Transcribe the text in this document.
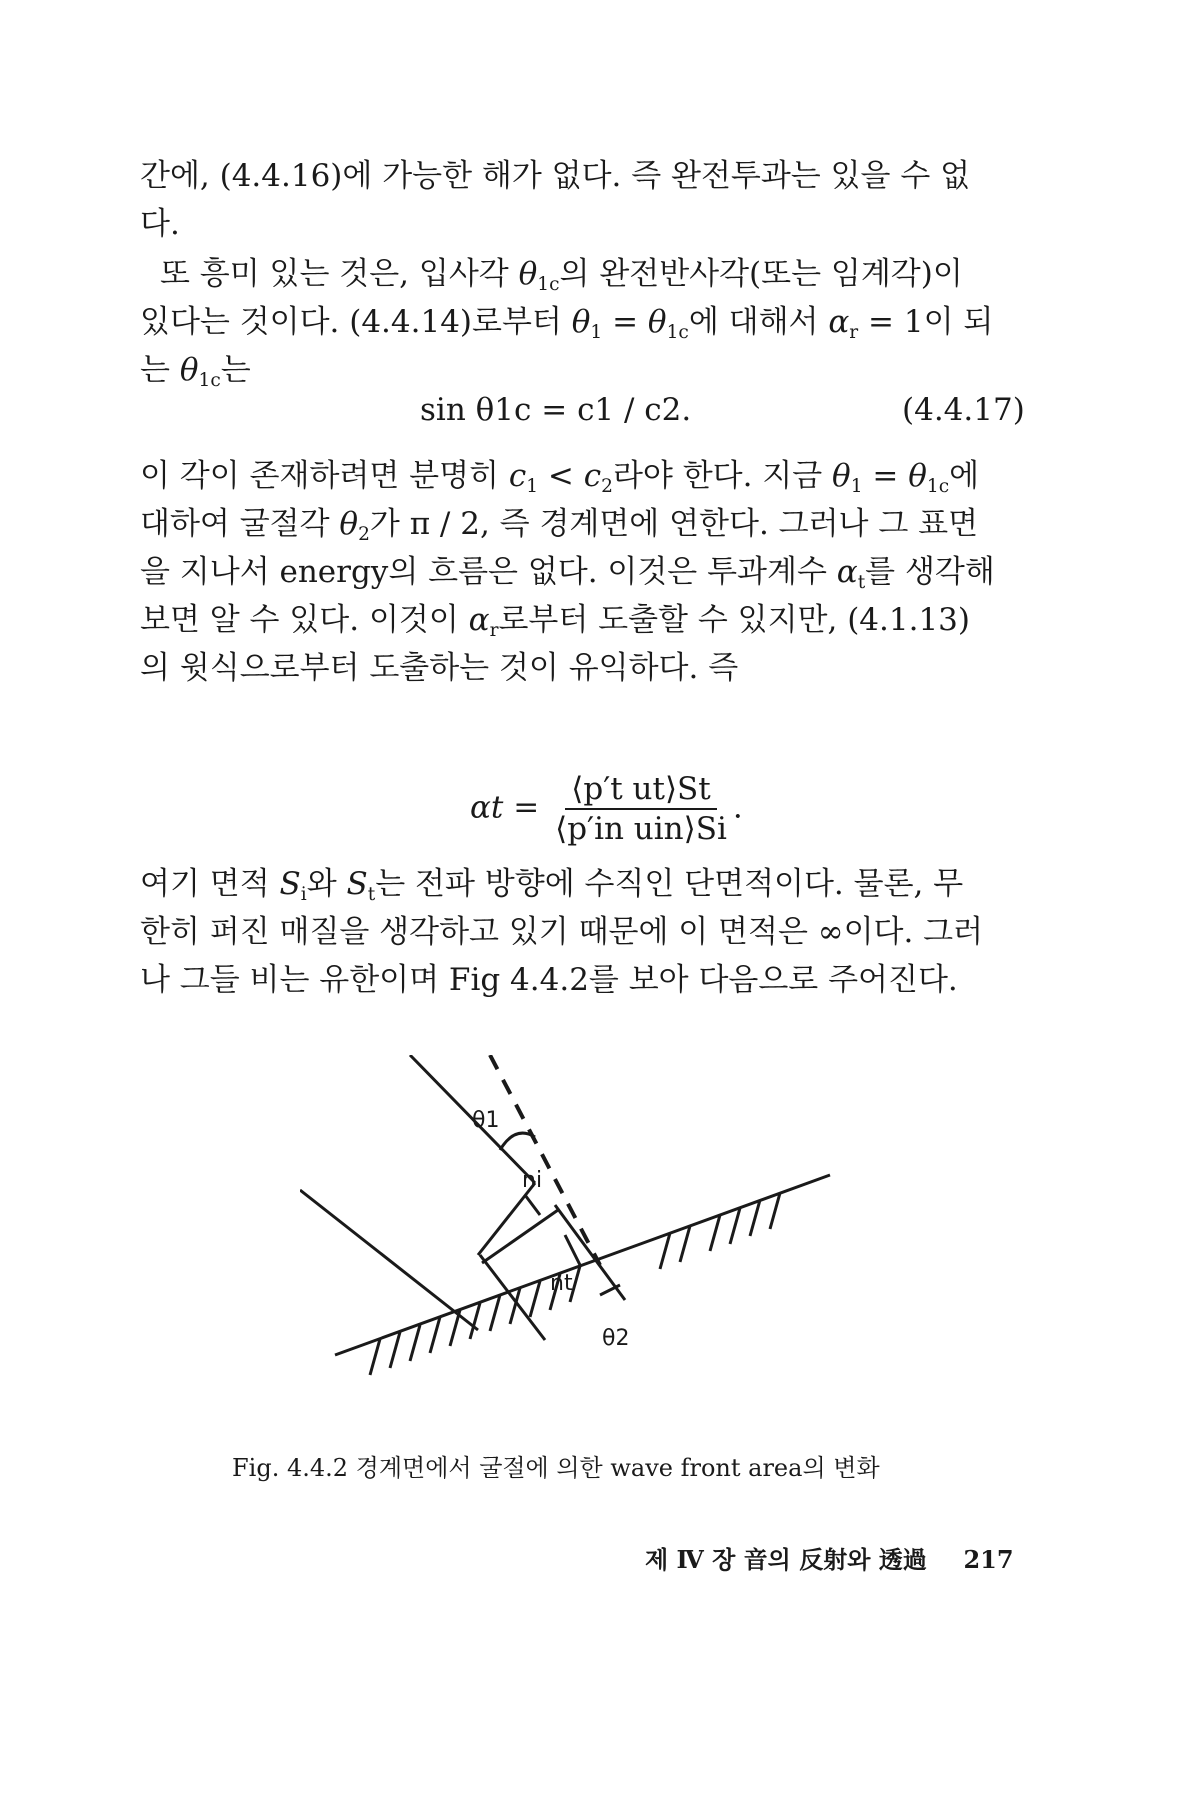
간에, (4.4.16)에 가능한 해가 없다. 즉 완전투과는 있을 수 없
다.
또 흥미 있는 것은, 입사각 $\theta_{1c}$의 완전반사각(또는 임계각)이
있다는 것이다. (4.4.14)로부터 $\theta_1 = \theta_{1c}$에 대해서 $\alpha_r = 1$이 되
는 $\theta_{1c}$는
sin θ1c = c1 / c2.	(4.4.17)
이 각이 존재하려면 분명히 $c_1 < c_2$라야 한다. 지금 $\theta_1 = \theta_{1c}$에
대하여 굴절각 $\theta_2$가 π / 2, 즉 경계면에 연한다. 그러나 그 표면
을 지나서 energy의 흐름은 없다. 이것은 투과계수 $\alpha_t$를 생각해
보면 알 수 있다. 이것이 $\alpha_r$로부터 도출할 수 있지만, (4.1.13)
의 윗식으로부터 도출하는 것이 유익하다. 즉
$\alpha t = \frac{\text{⟨p′t ut⟩St}}{\text{⟨p′in uin⟩Si}}$ .
여기 면적 $S_i$와 $S_t$는 전파 방향에 수직인 단면적이다. 물론, 무
한히 퍼진 매질을 생각하고 있기 때문에 이 면적은 ∞이다. 그러
나 그들 비는 유한이며 Fig 4.4.2를 보아 다음으로 주어진다.
θ1
ni
nt
θ2
Fig. 4.4.2 경계면에서 굴절에 의한 wave front area의 변화
제 Ⅳ 장 音의 反射와 透過 217
